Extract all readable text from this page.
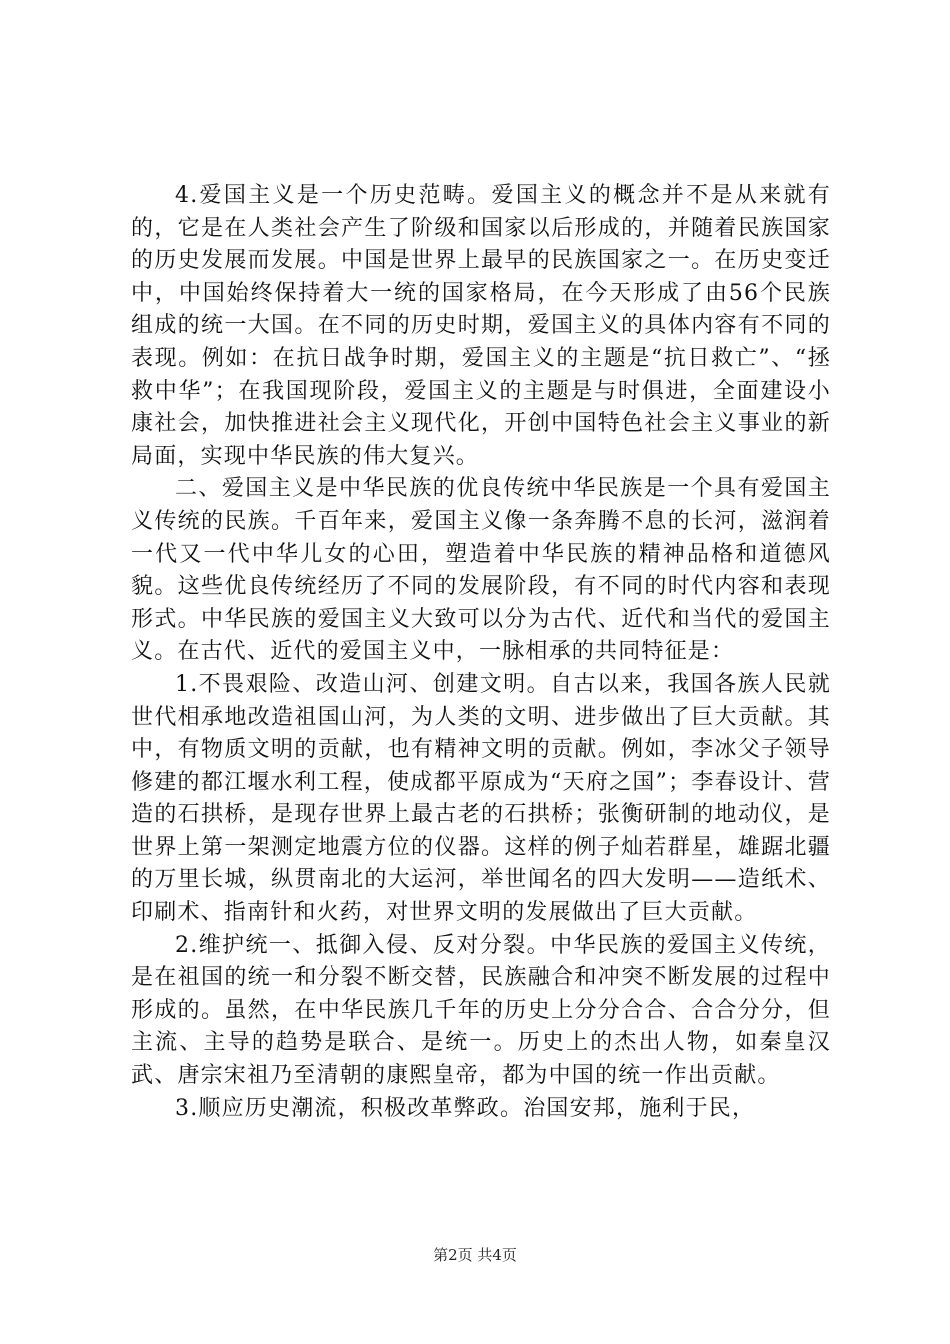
4.爱国主义是一个历史范畴。爱国主义的概念并不是从来就有的，它是在人类社会产生了阶级和国家以后形成的，并随着民族国家的历史发展而发展。中国是世界上最早的民族国家之一。在历史变迁中，中国始终保持着大一统的国家格局，在今天形成了由56个民族组成的统一大国。在不同的历史时期，爱国主义的具体内容有不同的表现。例如：在抗日战争时期，爱国主义的主题是“抗日救亡”、“拯救中华”；在我国现阶段，爱国主义的主题是与时俱进，全面建设小康社会，加快推进社会主义现代化，开创中国特色社会主义事业的新局面，实现中华民族的伟大复兴。

二、爱国主义是中华民族的优良传统中华民族是一个具有爱国主义传统的民族。千百年来，爱国主义像一条奔腾不息的长河，滋润着一代又一代中华儿女的心田，塑造着中华民族的精神品格和道德风貌。这些优良传统经历了不同的发展阶段，有不同的时代内容和表现形式。中华民族的爱国主义大致可以分为古代、近代和当代的爱国主义。在古代、近代的爱国主义中，一脉相承的共同特征是：

1.不畏艰险、改造山河、创建文明。自古以来，我国各族人民就世代相承地改造祖国山河，为人类的文明、进步做出了巨大贡献。其中，有物质文明的贡献，也有精神文明的贡献。例如，李冰父子领导修建的都江堰水利工程，使成都平原成为“天府之国”；李春设计、营造的石拱桥，是现存世界上最古老的石拱桥；张衡研制的地动仪，是世界上第一架测定地震方位的仪器。这样的例子灿若群星，雄踞北疆的万里长城，纵贯南北的大运河，举世闻名的四大发明——造纸术、印刷术、指南针和火药，对世界文明的发展做出了巨大贡献。

2.维护统一、抵御入侵、反对分裂。中华民族的爱国主义传统，是在祖国的统一和分裂不断交替，民族融合和冲突不断发展的过程中形成的。虽然，在中华民族几千年的历史上分分合合、合合分分，但主流、主导的趋势是联合、是统一。历史上的杰出人物，如秦皇汉武、唐宗宋祖乃至清朝的康熙皇帝，都为中国的统一作出贡献。

3.顺应历史潮流，积极改革弊政。治国安邦，施利于民，

第2页 共4页
